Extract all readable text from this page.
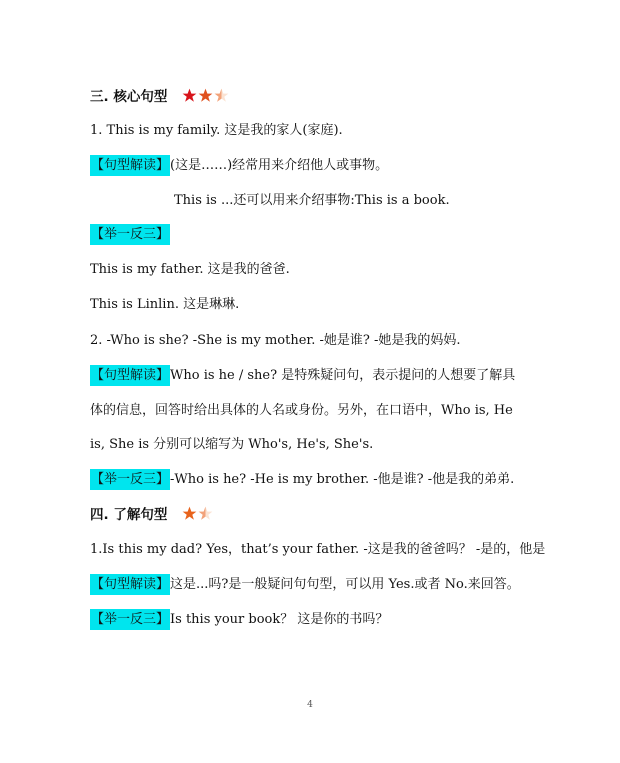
三. 核心句型
1. This is my family. 这是我的家人(家庭).
【句型解读】(这是……)经常用来介绍他人或事物。
This is ...还可以用来介绍事物:This is a book.
【举一反三】
This is my father. 这是我的爸爸.
This is Linlin. 这是琳琳.
2. -Who is she? -She is my mother. -她是谁? -她是我的妈妈.
【句型解读】Who is he / she? 是特殊疑问句，表示提问的人想要了解具
体的信息，回答时给出具体的人名或身份。另外，在口语中，Who is, He
is, She is 分别可以缩写为 Who's, He's, She's.
【举一反三】-Who is he? -He is my brother. -他是谁? -他是我的弟弟.
四. 了解句型
1.Is this my dad? Yes，that’s your father. -这是我的爸爸吗？ -是的，他是
【句型解读】这是...吗?是一般疑问句句型，可以用 Yes.或者 No.来回答。
【举一反三】Is this your book？ 这是你的书吗？
4
